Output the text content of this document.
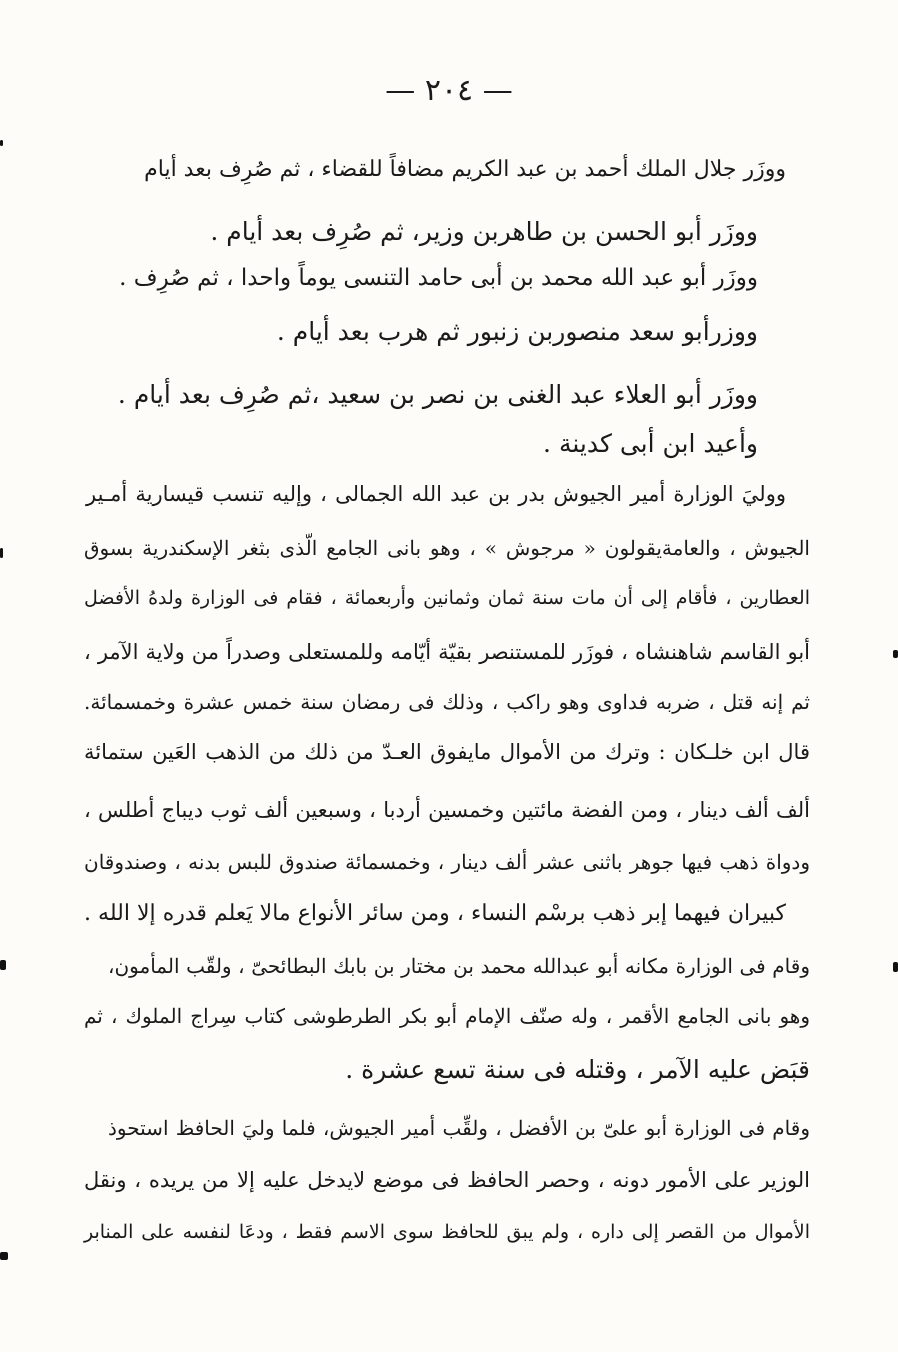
— ٢٠٤ —
ووزَر جلال الملك أحمد بن عبد الكريم مضافاً للقضاء ، ثم صُرِف بعد أيام
ووزَر أبو الحسن بن طاهربن وزير، ثم صُرِف بعد أيام .
ووزَر أبو عبد الله محمد بن أبى حامد التنسى يوماً واحدا ، ثم صُرِف .
ووزرأبو سعد منصوربن زنبور ثم هرب بعد أيام .
ووزَر أبو العلاء عبد الغنى بن نصر بن سعيد ،ثم صُرِف بعد أيام .
وأعيد ابن أبى كدينة .
ووليَ الوزارة أمير الجيوش بدر بن عبد الله الجمالى ، وإليه تنسب قيسارية أمـير
الجيوش ، والعامةيقولون « مرجوش » ، وهو بانى الجامع الّذى بثغر الإسكندرية بسوق
العطارين ، فأقام إلى أن مات سنة ثمان وثمانين وأربعمائة ، فقام فى الوزارة ولدهُ الأفضل
أبو القاسم شاهنشاه ، فوزَر للمستنصر بقيّة أيّامه وللمستعلى وصدراً من ولاية الآمر ،
ثم إنه قتل ، ضربه فداوى وهو راكب ، وذلك فى رمضان سنة خمس عشرة وخمسمائة.
قال ابن خلـكان : وترك من الأموال مايفوق العـدّ من ذلك من الذهب العَين ستمائة
ألف ألف دينار ، ومن الفضة مائتين وخمسين أردبا ، وسبعين ألف ثوب ديباج أطلس ،
ودواة ذهب فيها جوهر باثنى عشر ألف دينار ، وخمسمائة صندوق للبس بدنه ، وصندوقان
كبيران فيهما إبر ذهب برسْم النساء ، ومن سائر الأنواع مالا يَعلم قدره إلا الله .
وقام فى الوزارة مكانه أبو عبدالله محمد بن مختار بن بابك البطائحىّ ، ولقّب المأمون،
وهو بانى الجامع الأقمر ، وله صنّف الإمام أبو بكر الطرطوشى كتاب سِراج الملوك ، ثم
قبَض عليه الآمر ، وقتله فى سنة تسع عشرة .
وقام فى الوزارة أبو علىّ بن الأفضل ، ولقِّب أمير الجيوش، فلما وليَ الحافظ استحوذ
الوزير على الأمور دونه ، وحصر الحافظ فى موضع لايدخل عليه إلا من يريده ، ونقل
الأموال من القصر إلى داره ، ولم يبق للحافظ سوى الاسم فقط ، ودعَا لنفسه على المنابر
